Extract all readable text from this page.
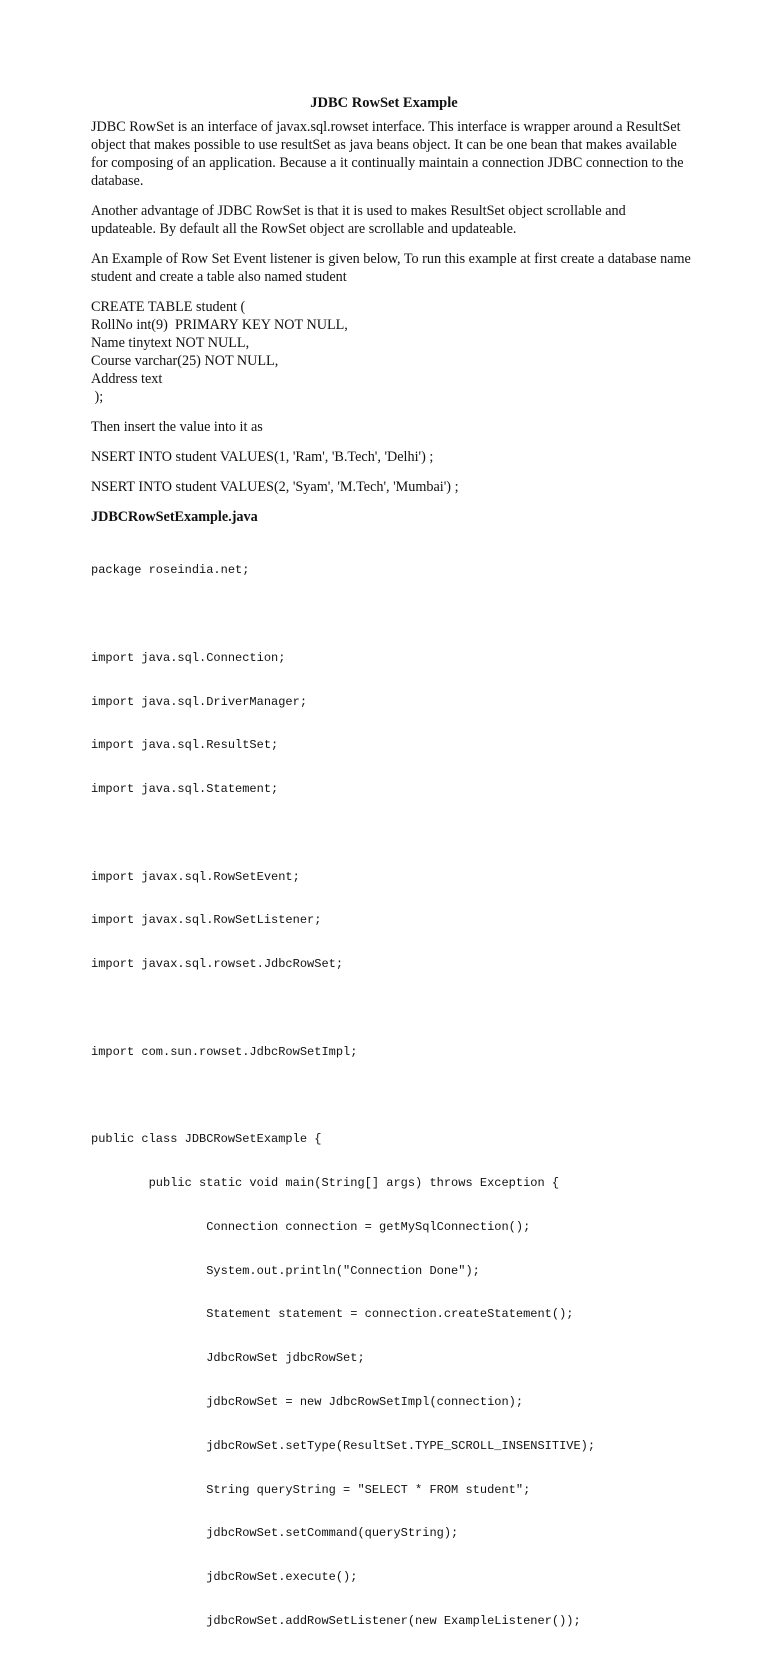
JDBC RowSet Example

JDBC RowSet is an interface of javax.sql.rowset interface. This interface is wrapper around a ResultSet object that makes possible to use resultSet as java beans object. It can be one bean that makes available for composing of an application. Because a it continually maintain a connection JDBC connection to the database.

Another advantage of JDBC RowSet is that it is used to makes ResultSet object scrollable and updateable. By default all the RowSet object are scrollable and updateable.

An Example of Row Set Event listener is given below, To run this example at first create a database name student and create a table also named student

CREATE TABLE student (
RollNo int(9)  PRIMARY KEY NOT NULL,
Name tinytext NOT NULL,
Course varchar(25) NOT NULL,
Address text
);

Then insert the value into it as

NSERT INTO student VALUES(1, 'Ram', 'B.Tech', 'Delhi') ;

NSERT INTO student VALUES(2, 'Syam', 'M.Tech', 'Mumbai') ;

JDBCRowSetExample.java

package roseindia.net;

import java.sql.Connection;

import java.sql.DriverManager;

import java.sql.ResultSet;

import java.sql.Statement;

import javax.sql.RowSetEvent;

import javax.sql.RowSetListener;

import javax.sql.rowset.JdbcRowSet;

import com.sun.rowset.JdbcRowSetImpl;

public class JDBCRowSetExample {

public static void main(String[] args) throws Exception {

Connection connection = getMySqlConnection();

System.out.println("Connection Done");

Statement statement = connection.createStatement();

JdbcRowSet jdbcRowSet;

jdbcRowSet = new JdbcRowSetImpl(connection);

jdbcRowSet.setType(ResultSet.TYPE_SCROLL_INSENSITIVE);

String queryString = "SELECT * FROM student";

jdbcRowSet.setCommand(queryString);

jdbcRowSet.execute();

jdbcRowSet.addRowSetListener(new ExampleListener());
